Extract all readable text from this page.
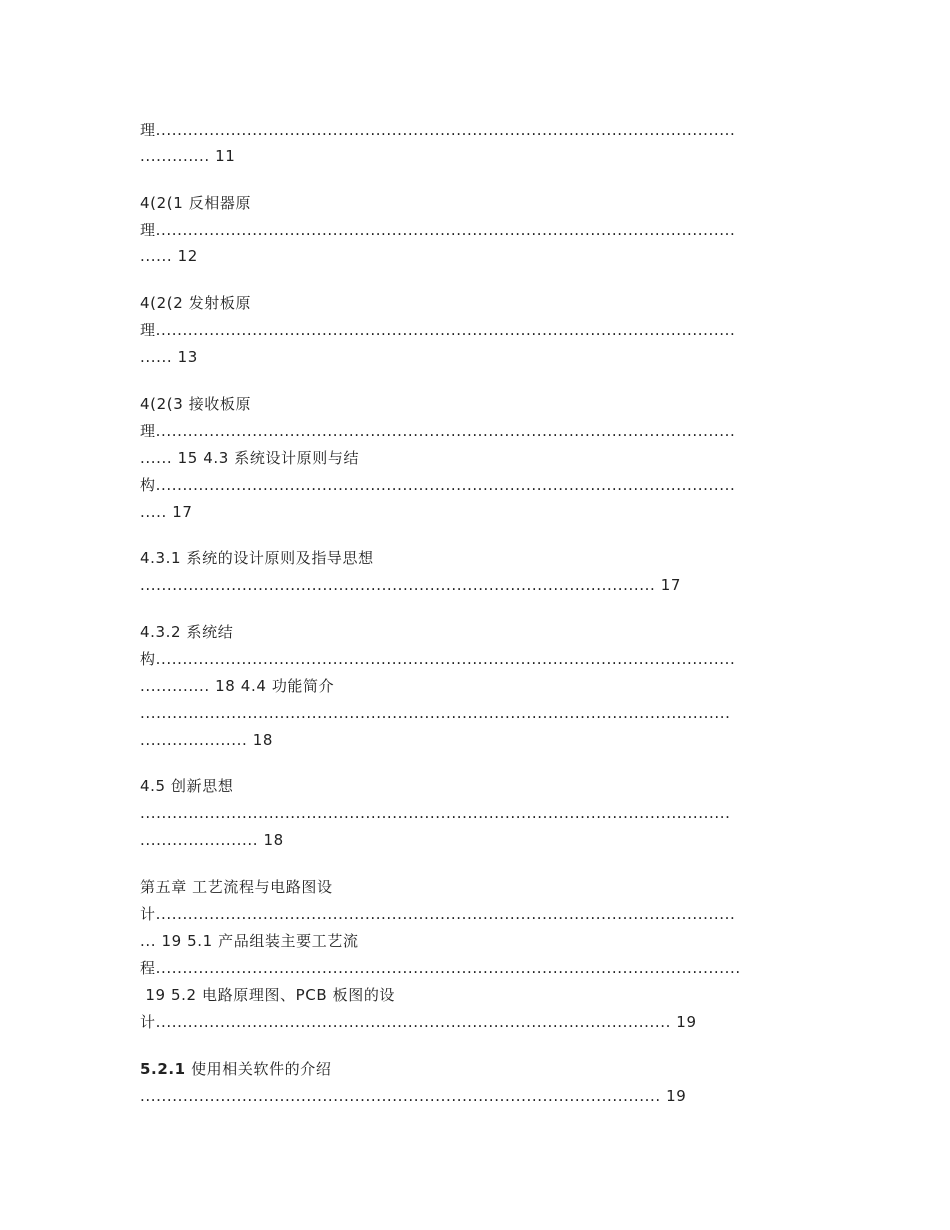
理............................................................................................................
............. 11
4(2(1 反相器原
理............................................................................................................
...... 12
4(2(2 发射板原
理............................................................................................................
...... 13
4(2(3 接收板原
理............................................................................................................
...... 15 4.3 系统设计原则与结
构............................................................................................................
..... 17
4.3.1 系统的设计原则及指导思想
................................................................................................ 17
4.3.2 系统结
构............................................................................................................
............. 18 4.4 功能简介
..............................................................................................................
.................... 18
4.5 创新思想
..............................................................................................................
...................... 18
第五章 工艺流程与电路图设
计............................................................................................................
... 19 5.1 产品组装主要工艺流
程.............................................................................................................
19 5.2 电路原理图、PCB 板图的设
计................................................................................................ 19
5.2.1 使用相关软件的介绍
................................................................................................. 19
